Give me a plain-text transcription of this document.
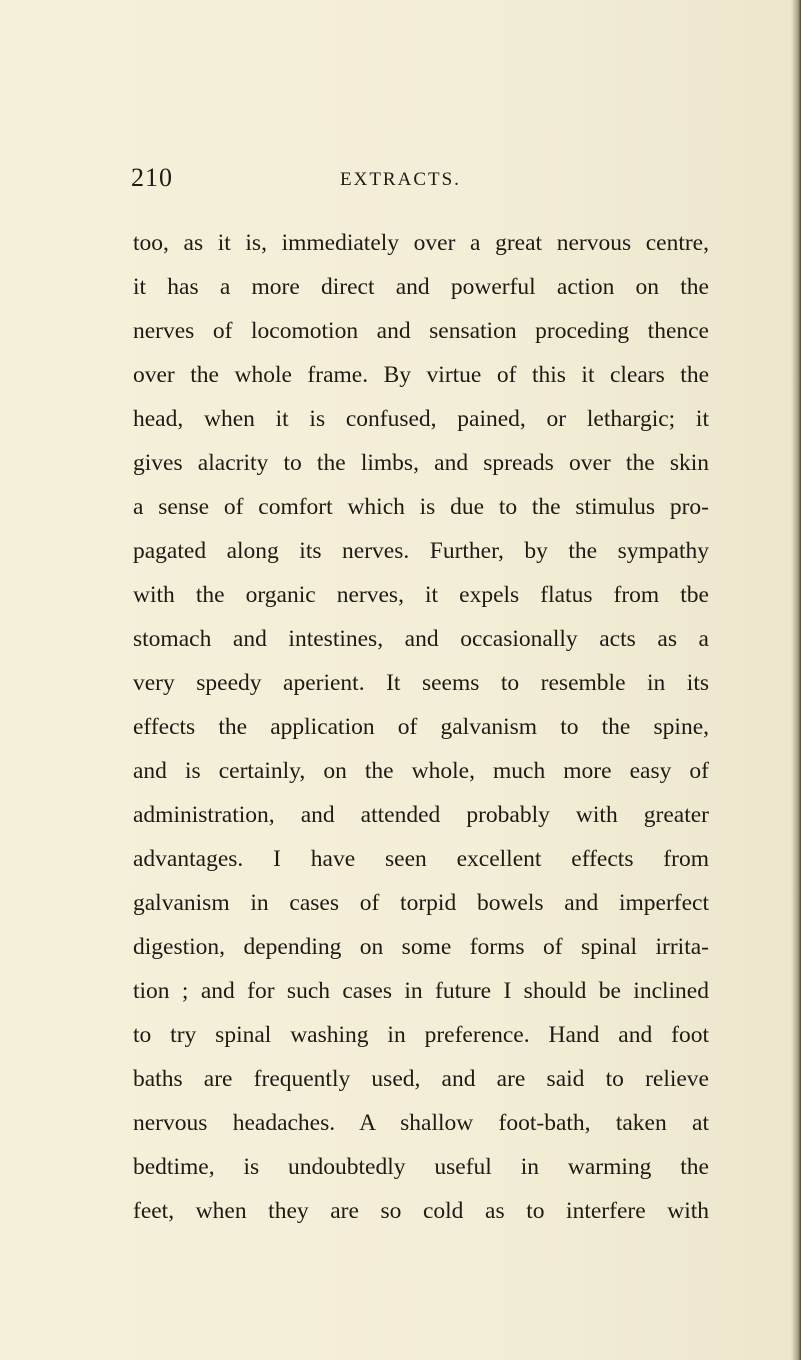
210	EXTRACTS.
too, as it is, immediately over a great nervous centre,
it has a more direct and powerful action on the
nerves of locomotion and sensation proceding thence
over the whole frame. By virtue of this it clears the
head, when it is confused, pained, or lethargic; it
gives alacrity to the limbs, and spreads over the skin
a sense of comfort which is due to the stimulus pro-
pagated along its nerves. Further, by the sympathy
with the organic nerves, it expels flatus from tbe
stomach and intestines, and occasionally acts as a
very speedy aperient. It seems to resemble in its
effects the application of galvanism to the spine,
and is certainly, on the whole, much more easy of
administration, and attended probably with greater
advantages. I have seen excellent effects from
galvanism in cases of torpid bowels and imperfect
digestion, depending on some forms of spinal irrita-
tion ; and for such cases in future I should be inclined
to try spinal washing in preference. Hand and foot
baths are frequently used, and are said to relieve
nervous headaches. A shallow foot-bath, taken at
bedtime, is undoubtedly useful in warming the
feet, when they are so cold as to interfere with
